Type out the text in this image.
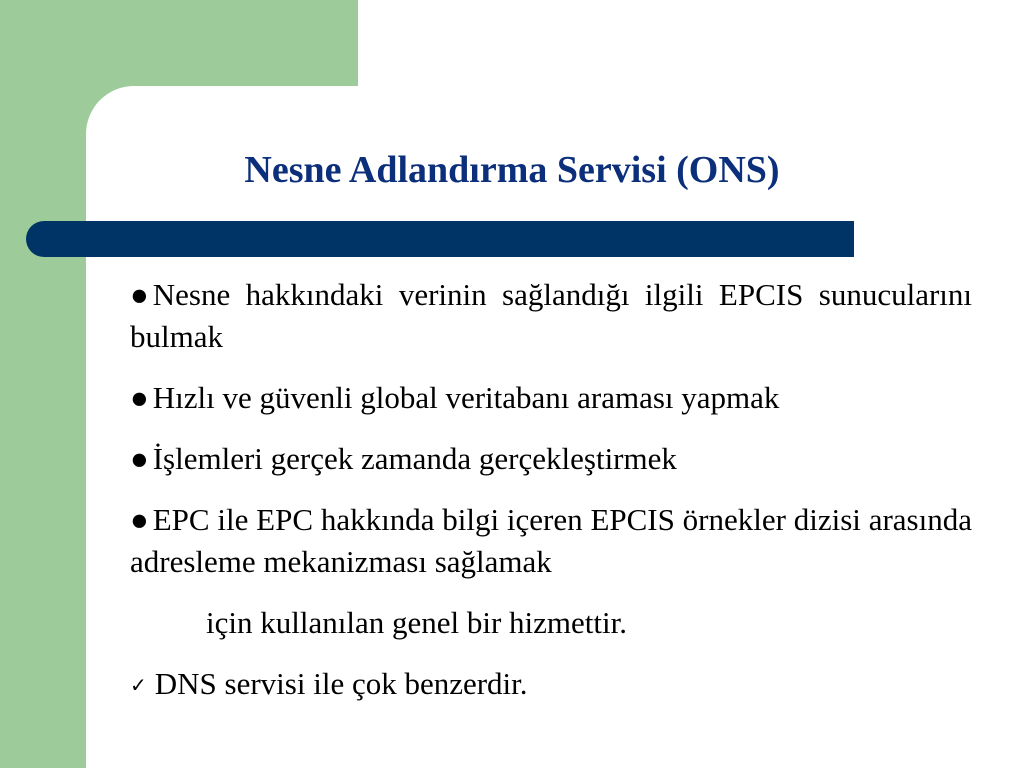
Nesne Adlandırma Servisi (ONS)

● Nesne hakkındaki verinin sağlandığı ilgili EPCIS sunucularını bulmak

● Hızlı ve güvenli global veritabanı araması yapmak

● İşlemleri gerçek zamanda gerçekleştirmek

● EPC ile EPC hakkında bilgi içeren EPCIS örnekler dizisi arasında adresleme mekanizması sağlamak

için kullanılan genel bir hizmettir.

✓ DNS servisi ile çok benzerdir.
